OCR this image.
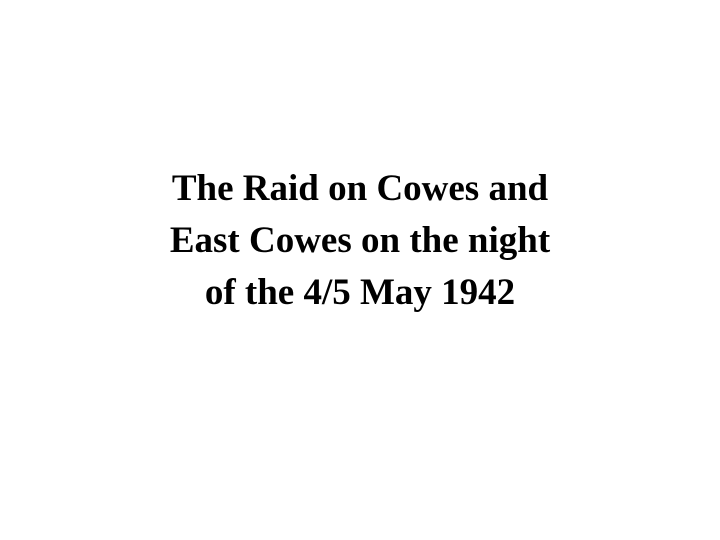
The Raid on Cowes and
East Cowes on the night
of the 4/5 May 1942
